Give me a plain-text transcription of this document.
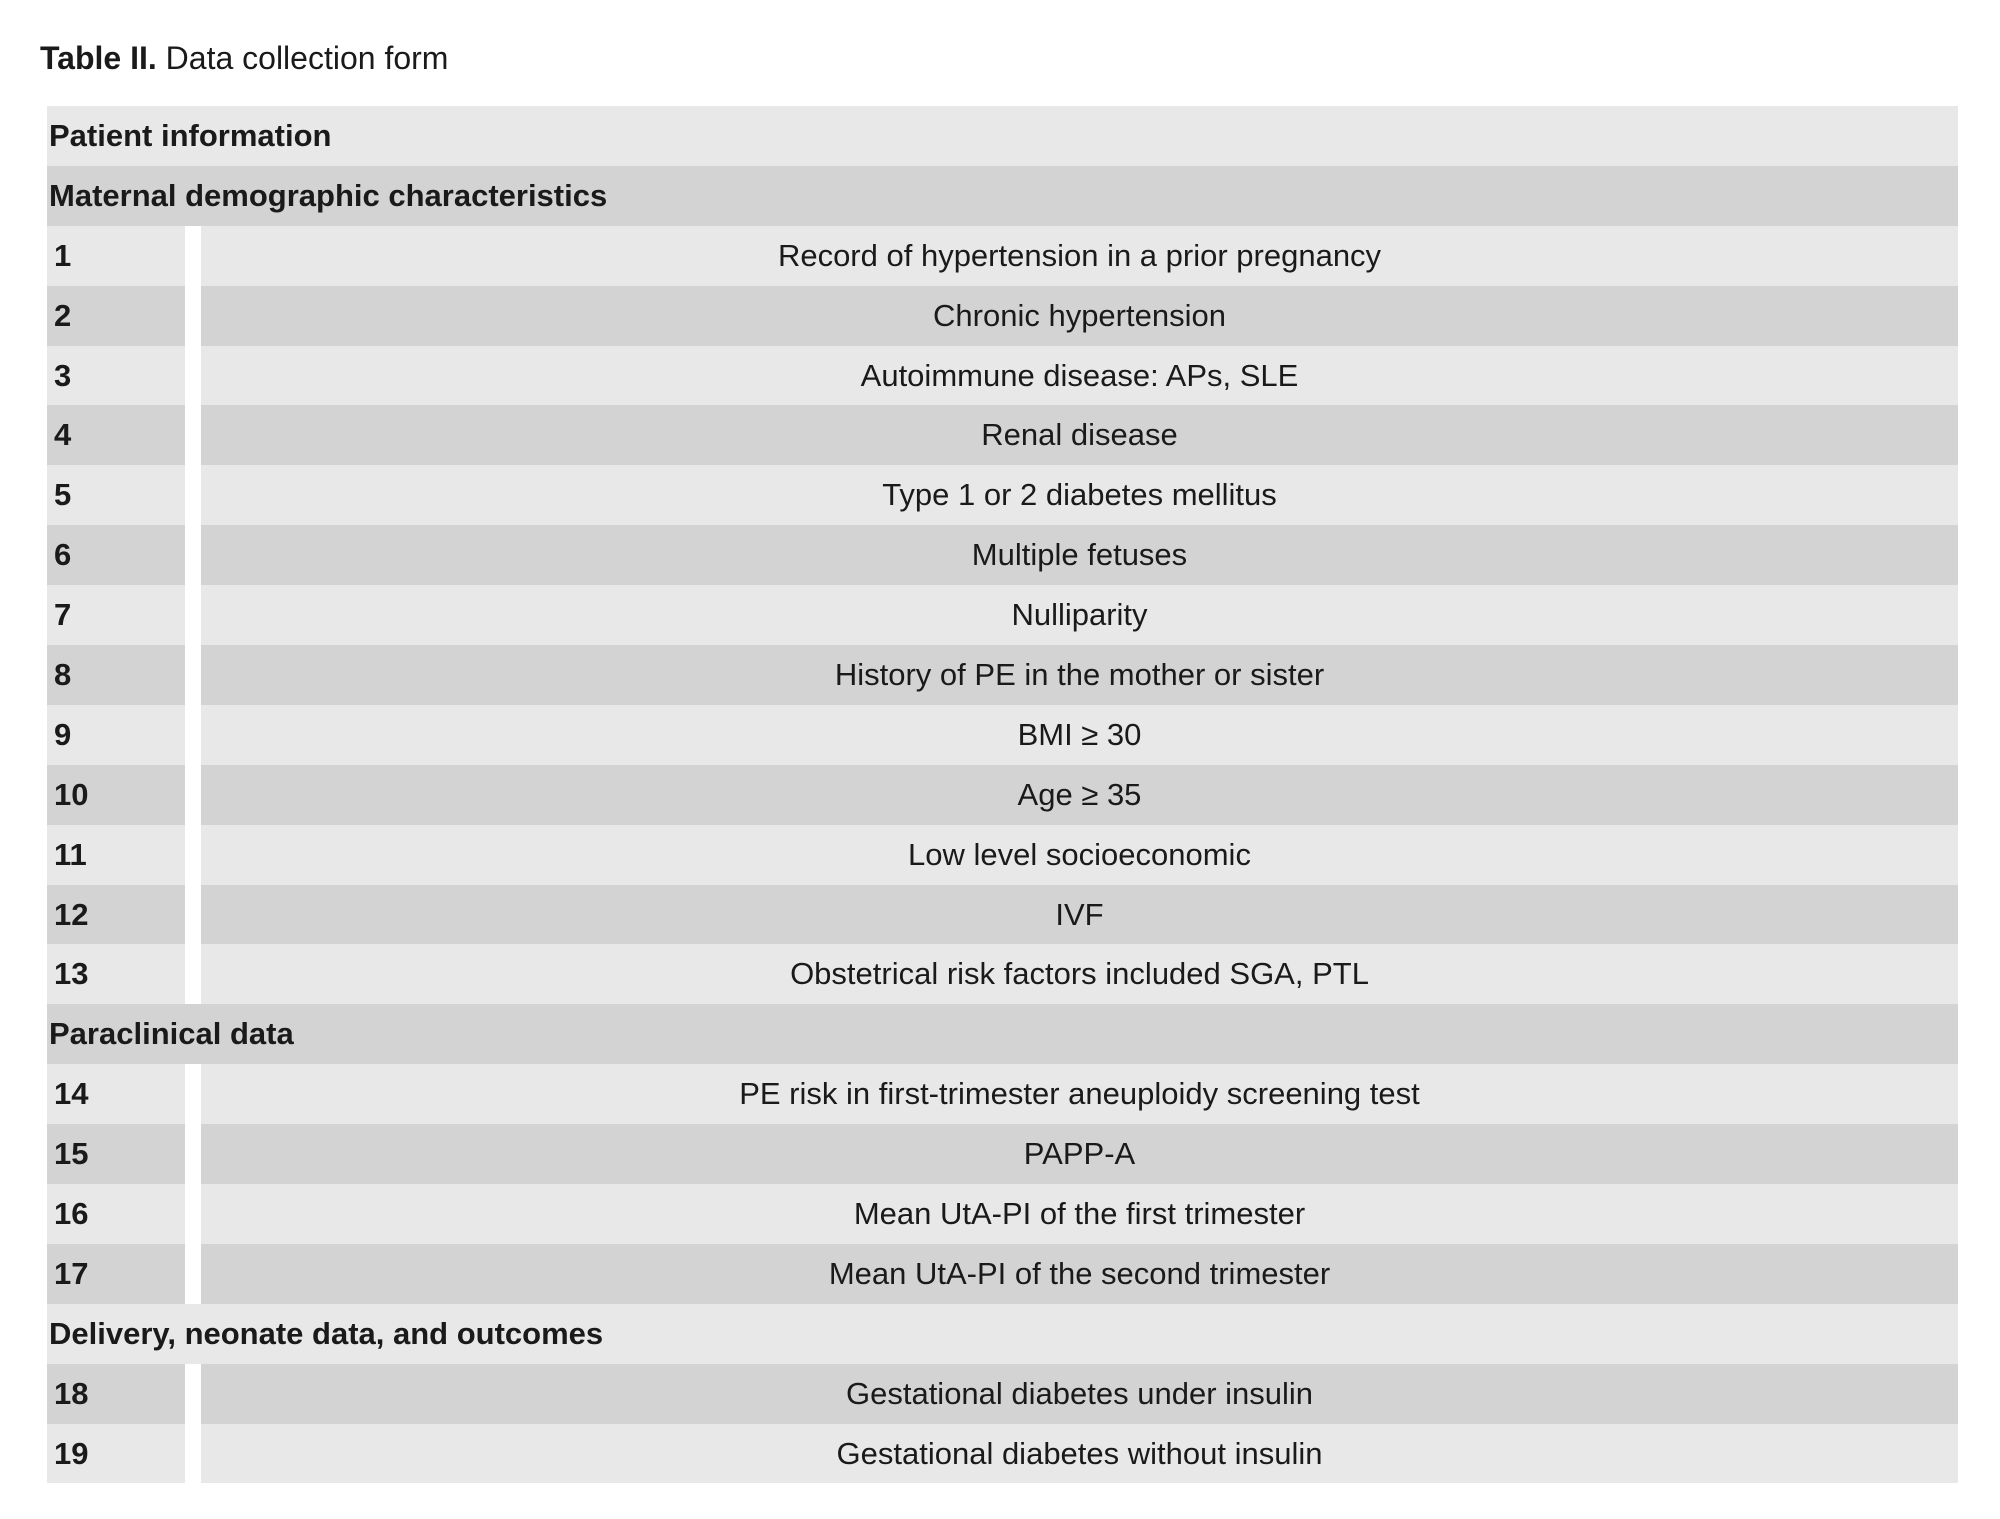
Table II. Data collection form
Patient information
Maternal demographic characteristics
1	Record of hypertension in a prior pregnancy
2	Chronic hypertension
3	Autoimmune disease: APs, SLE
4	Renal disease
5	Type 1 or 2 diabetes mellitus
6	Multiple fetuses
7	Nulliparity
8	History of PE in the mother or sister
9	BMI ≥ 30
10	Age ≥ 35
11	Low level socioeconomic
12	IVF
13	Obstetrical risk factors included SGA, PTL
Paraclinical data
14	PE risk in first-trimester aneuploidy screening test
15	PAPP-A
16	Mean UtA-PI of the first trimester
17	Mean UtA-PI of the second trimester
Delivery, neonate data, and outcomes
18	Gestational diabetes under insulin
19	Gestational diabetes without insulin
